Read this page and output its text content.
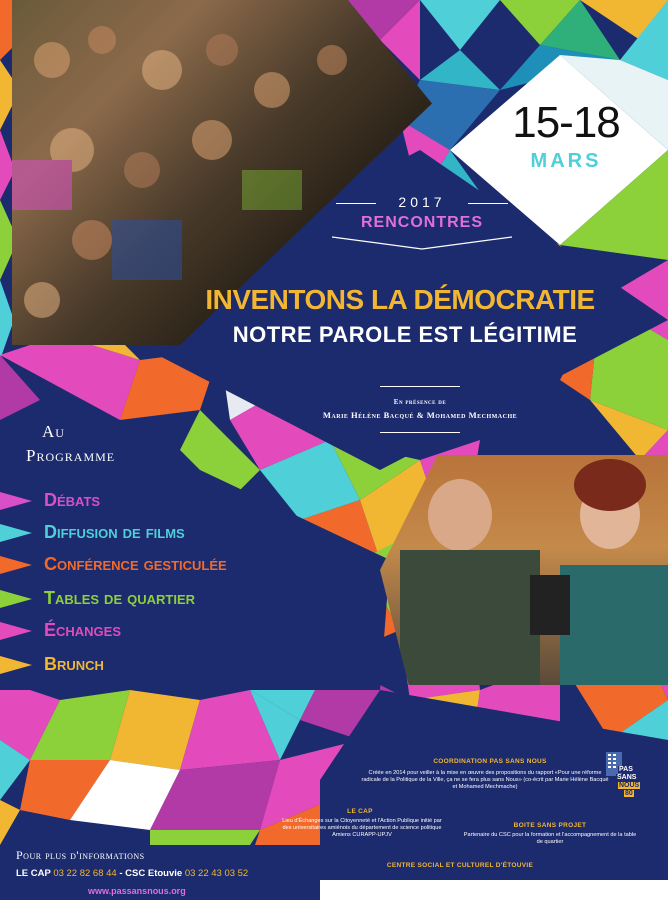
15-18
MARS
2017
RENCONTRES
INVENTONS LA DÉMOCRATIE
NOTRE PAROLE EST LÉGITIME
En présence de
Marie Hélène Bacqué & Mohamed Mechmache
Au
Programme
Débats
Diffusion de films
Conférence gesticulée
Tables de quartier
Échanges
Brunch
COORDINATION PAS SANS NOUS
Créée en 2014 pour veiller à la mise en œuvre des propositions du rapport «Pour une réforme radicale de la Politique de la Ville, ça ne se fera plus sans Nous» (co-écrit par Marie Hélène Bacqué et Mohamed Mechmache)
LE CAP
Lieu d'Échanges sur la Citoyenneté et l'Action Publique initié par des universitaires amiénois du département de science politique Amiens CURAPP-UPJV
BOITE SANS PROJET
Partenaire du CSC pour la formation et l'accompagnement de la table de quartier
CENTRE SOCIAL ET CULTUREL D'ÉTOUVIE
Animateur d'une des douzes tables de quartiers expérimentales
PAS
SANS
NOUS
80
Pour plus d'informations
LE CAP 03 22 82 68 44 - CSC Etouvie 03 22 43 03 52
www.passansnous.org
